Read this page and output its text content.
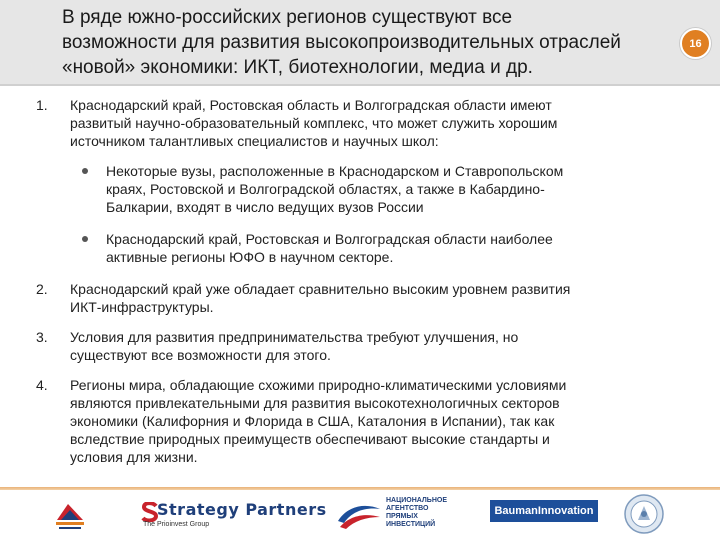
В ряде южно-российских регионов существуют все
возможности для развития высокопроизводительных отраслей
«новой» экономики: ИКТ, биотехнологии, медиа и др.
16
1.	Краснодарский край, Ростовская область и Волгоградская области имеют
развитый научно-образовательный комплекс, что может служить хорошим
источником талантливых специалистов и научных школ:
Некоторые вузы, расположенные в Краснодарском и Ставропольском
краях, Ростовской и Волгоградской областях, а также в Кабардино-
Балкарии, входят в число ведущих вузов России
Краснодарский край, Ростовская и Волгоградская области наиболее
активные регионы ЮФО в научном секторе.
2.	Краснодарский край уже обладает сравнительно высоким уровнем развития
ИКТ-инфраструктуры.
3.	Условия для развития предпринимательства требуют улучшения, но
существуют все возможности для этого.
4.	Регионы мира, обладающие схожими природно-климатическими условиями
являются привлекательными для развития высокотехнологичных секторов
экономики (Калифорния и Флорида в США, Каталония в Испании), так как
вследствие природных преимуществ обеспечивают высокие стандарты и
условия для жизни.
Strategy Partners
The Prioinvest Group
НАЦИОНАЛЬНОЕ
АГЕНТСТВО
ПРЯМЫХ
ИНВЕСТИЦИЙ
BaumanInnovation
